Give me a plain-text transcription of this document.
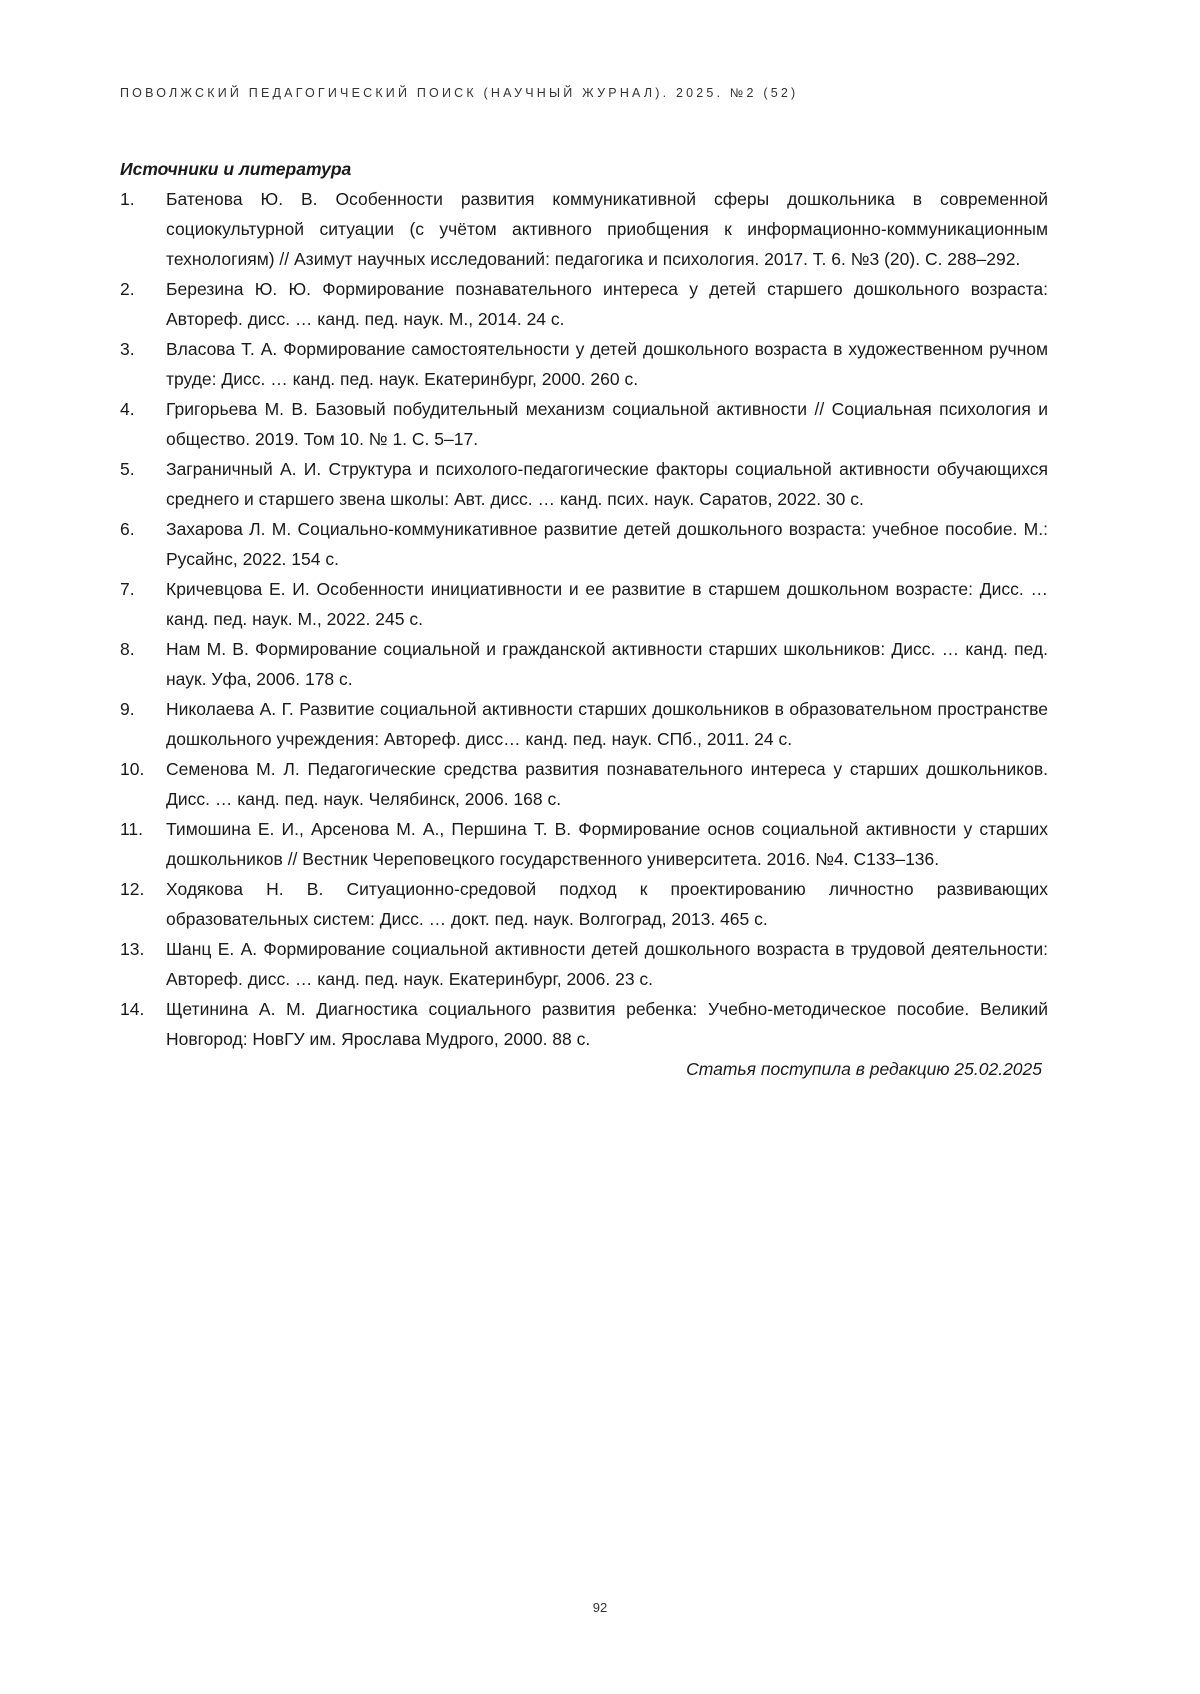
ПОВОЛЖСКИЙ ПЕДАГОГИЧЕСКИЙ ПОИСК (НАУЧНЫЙ ЖУРНАЛ). 2025. №2 (52)

Источники и литература

1.	Батенова Ю. В. Особенности развития коммуникативной сферы дошкольника в современной социокультурной ситуации (с учётом активного приобщения к информационно-коммуникационным технологиям) // Азимут научных исследований: педагогика и психология. 2017. Т. 6. №3 (20). С. 288–292.
2.	Березина Ю. Ю. Формирование познавательного интереса у детей старшего дошкольного возраста: Автореф. дисс. … канд. пед. наук. М., 2014. 24 с.
3.	Власова Т. А. Формирование самостоятельности у детей дошкольного возраста в художественном ручном труде: Дисс. … канд. пед. наук. Екатеринбург, 2000. 260 с.
4.	Григорьева М. В. Базовый побудительный механизм социальной активности // Социальная психология и общество. 2019. Том 10. № 1. С. 5–17.
5.	Заграничный А. И. Структура и психолого-педагогические факторы социальной активности обучающихся среднего и старшего звена школы: Авт. дисс. … канд. псих. наук. Саратов, 2022. 30 с.
6.	Захарова Л. М. Социально-коммуникативное развитие детей дошкольного возраста: учебное пособие. М.: Русайнс, 2022. 154 с.
7.	Кричевцова Е. И. Особенности инициативности и ее развитие в старшем дошкольном возрасте: Дисс. … канд. пед. наук. М., 2022. 245 с.
8.	Нам М. В. Формирование социальной и гражданской активности старших школьников: Дисс. … канд. пед. наук. Уфа, 2006. 178 с.
9.	Николаева А. Г. Развитие социальной активности старших дошкольников в образовательном пространстве дошкольного учреждения: Автореф. дисс… канд. пед. наук. СПб., 2011. 24 с.
10.	Семенова М. Л. Педагогические средства развития познавательного интереса у старших дошкольников. Дисс. … канд. пед. наук. Челябинск, 2006. 168 с.
11.	Тимошина Е. И., Арсенова М. А., Першина Т. В. Формирование основ социальной активности у старших дошкольников // Вестник Череповецкого государственного университета. 2016. №4. С133–136.
12.	Ходякова Н. В. Ситуационно-средовой подход к проектированию личностно развивающих образовательных систем: Дисс. … докт. пед. наук. Волгоград, 2013. 465 с.
13.	Шанц Е. А. Формирование социальной активности детей дошкольного возраста в трудовой деятельности: Автореф. дисс. … канд. пед. наук. Екатеринбург, 2006. 23 с.
14.	Щетинина А. М. Диагностика социального развития ребенка: Учебно-методическое пособие. Великий Новгород: НовГУ им. Ярослава Мудрого, 2000. 88 с.
Статья поступила в редакцию 25.02.2025
92
